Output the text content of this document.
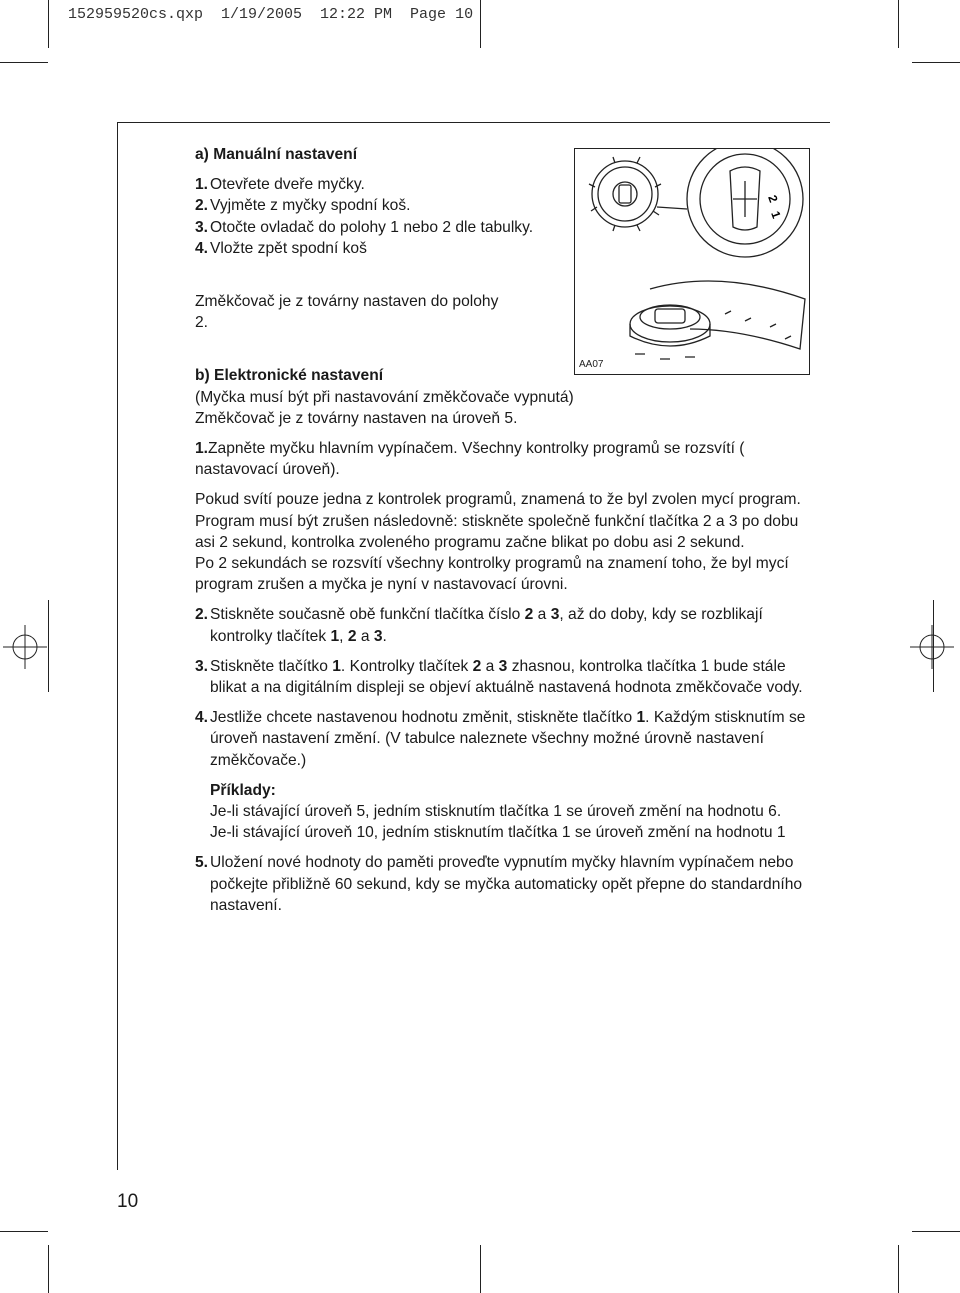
152959520cs.qxp  1/19/2005  12:22 PM  Page 10
2
1
AA07

a) Manuální nastavení

1. Otevřete dveře myčky.

2. Vyjměte z myčky spodní koš.

3. Otočte ovladač do polohy 1 nebo 2 dle tabulky.

4. Vložte zpět spodní koš

Změkčovač je z továrny nastaven do polohy 2.

b) Elektronické nastavení

(Myčka musí být při nastavování změkčovače vypnutá)

Změkčovač je z továrny nastaven na úroveň 5.

1.Zapněte myčku hlavním vypínačem. Všechny kontrolky programů se rozsvítí ( nastavovací úroveň).

Pokud svítí pouze jedna z kontrolek programů, znamená to že byl zvolen mycí program. Program musí být zrušen následovně: stiskněte společně funkční tlačítka 2 a 3 po dobu asi 2 sekund, kontrolka zvoleného programu začne blikat po dobu asi 2 sekund.

Po 2 sekundách se rozsvítí všechny kontrolky programů na znamení toho, že byl mycí program zrušen a myčka je nyní v nastavovací úrovni.

2. Stiskněte současně obě funkční tlačítka číslo 2 a 3, až do doby, kdy se rozblikají kontrolky tlačítek 1, 2 a 3.

3. Stiskněte tlačítko 1. Kontrolky tlačítek 2 a 3 zhasnou, kontrolka tlačítka 1 bude stále blikat a na digitálním displeji se objeví aktuálně nastavená hodnota změkčovače vody.

4. Jestliže chcete nastavenou hodnotu změnit, stiskněte tlačítko 1. Každým stisknutím se úroveň nastavení změní. (V tabulce naleznete všechny možné úrovně nastavení změkčovače.)

Příklady:

Je-li stávající úroveň 5, jedním stisknutím tlačítka 1 se úroveň změní na hodnotu 6.

Je-li stávající úroveň 10, jedním stisknutím tlačítka 1 se úroveň změní na hodnotu 1

5. Uložení nové hodnoty do paměti proveďte vypnutím myčky hlavním vypínačem nebo počkejte přibližně 60 sekund, kdy se myčka automaticky opět přepne do standardního nastavení.

10
